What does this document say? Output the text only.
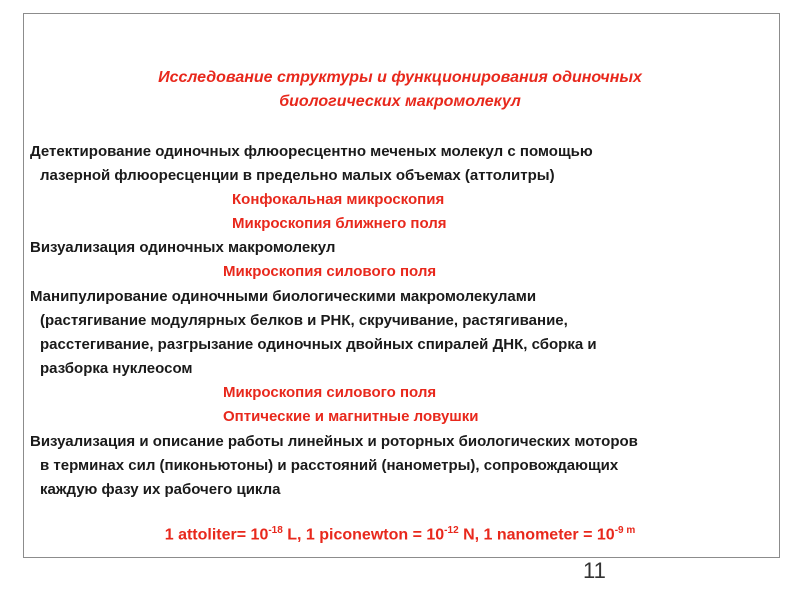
Исследование структуры и функционирования одиночных
биологических макромолекул
Детектирование одиночных флюоресцентно меченых молекул с помощью
лазерной флюоресценции в предельно малых объемах (аттолитры)
Конфокальная микроскопия
Микроскопия ближнего поля
Визуализация одиночных макромолекул
Микроскопия силового поля
Манипулирование одиночными биологическими макромолекулами
(растягивание модулярных белков и РНК, скручивание, растягивание,
расстегивание, разгрызание одиночных двойных спиралей ДНК, сборка и
разборка нуклеосом
Микроскопия силового поля
Оптические и магнитные ловушки
Визуализация и описание работы линейных и роторных биологических моторов
в терминах сил (пиконьютоны) и расстояний (нанометры), сопровождающих
каждую фазу их рабочего цикла
1 attoliter= $10^{-18}$ L, 1 piconewton = $10^{-12}$ N, 1 nanometer = $10^{-9 m}$
11
